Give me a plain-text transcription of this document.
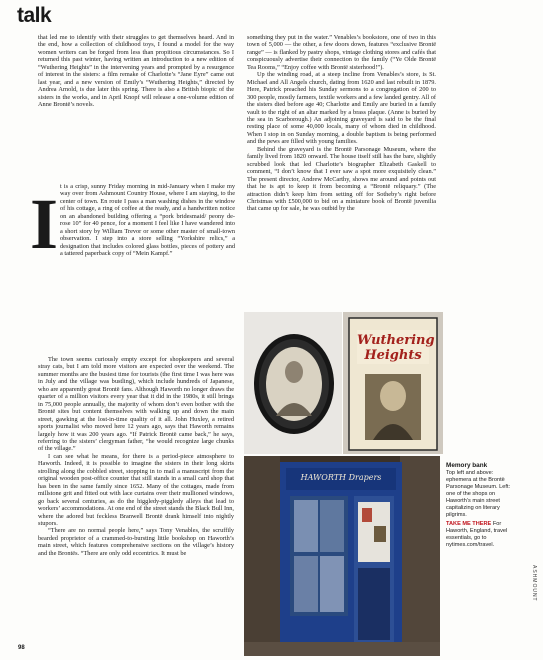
talk

that led me to identify with their struggles to get themselves heard. And in the end, how a collection of childhood toys, I found a model for the way women writers can be forged from less than propitious circumstances. So I returned this past winter, having written an introduction to a new edition of “Wuthering Heights” in the intervening years and prompted by a resurgence of interest in the sisters: a film remake of Charlotte’s “Jane Eyre” came out last year, and a new version of Emily’s “Wuthering Heights,” directed by Andrea Arnold, is due later this spring. There is also a British biopic of the sisters in the works, and in April Knopf will release a one-volume edition of Anne Brontë’s novels.

I t is a crisp, sunny Friday morning in mid-January when I make my way over from Ashmount Country House, where I am staying, to the center of town. En route I pass a man washing dishes in the window of his cottage, a ring of coffee at the ready, and a handwritten notice on an abandoned building offering a “pork bridesmaid/ peony de-rose 10” for 40 pence, for a moment I feel like I have wandered into a short story by William Trevor or some other master of small-town observation. I step into a store selling “Yorkshire relics,” a designation that includes colored glass bottles, pieces of pottery and a tattered paperback copy of “Mein Kampf.”

The town seems curiously empty except for shopkeepers and several stray cats, but I am told more visitors are expected over the weekend. The summer months are the busiest time for tourists (the first time I was here was in July and the village was bustling), which include hundreds of Japanese, who are apparently great Brontë fans. Although Haworth no longer draws the quarter of a million visitors every year that it did in the 1980s, it still brings in 75,000 people annually, the majority of whom don’t even bother with the Brontë sites but content themselves with walking up and down the main street, gawking at the lost-in-time quality of it all. John Huxley, a retired sports journalist who moved here 12 years ago, says that Haworth remains largely how it was 200 years ago. “If Patrick Brontë came back,” he says, referring to the sisters’ clergyman father, “he would recognize large chunks of the village.”

I can see what he means, for there is a period-piece atmosphere to Haworth. Indeed, it is possible to imagine the sisters in their long skirts strolling along the cobbled street, stopping in to mail a manuscript from the original wooden post-office counter that still stands in a small card shop that has been in the same family since 1652. Many of the cottages, made from millstone grit and fitted out with lace curtains over their mullioned windows, go back several centuries, as do the higgledy-piggledy alleys that lead to workers’ accommodations. At one end of the street stands the Black Bull Inn, where the adored but feckless Branwell Brontë drank himself into nightly stupors.

“There are no normal people here,” says Tony Venables, the scruffily bearded proprietor of a crammed-to-bursting little bookshop on Haworth’s main street, which features comprehensive sections on the village’s history and the Brontës. “There are only odd eccentrics. It must be

something they put in the water.” Venables’s bookstore, one of two in this town of 5,000 — the other, a few doors down, features “exclusive Brontë range” — is flanked by pastry shops, vintage clothing stores and cafés that conspicuously advertise their connection to the family (“Ye Olde Brontë Tea Rooms,” “Enjoy coffee with Brontë sisterhood!”).

Up the winding road, at a steep incline from Venables’s store, is St. Michael and All Angels church, dating from 1620 and last rebuilt in 1879. Here, Patrick preached his Sunday sermons to a congregation of 200 to 300 people, mostly farmers, textile workers and a few landed gentry. All of the sisters died before age 40; Charlotte and Emily are buried in a family vault to the right of an altar marked by a brass plaque. (Anne is buried by the sea in Scarborough.) An adjoining graveyard is said to be the final resting place of some 40,000 locals, many of whom died in childhood. When I stop in on Sunday morning, a double baptism is being performed and the pews are filled with young families.

Behind the graveyard is the Brontë Parsonage Museum, where the family lived from 1820 onward. The house itself still has the bare, slightly scrubbed look that led Charlotte’s biographer Elizabeth Gaskell to comment, “I don’t know that I ever saw a spot more exquisitely clean.” The present director, Andrew McCarthy, shows me around and points out that he is apt to keep it from becoming a “Brontë reliquary.” (The attraction didn’t keep him from setting off for Sotheby’s right before Christmas with £500,000 to bid on a miniature book of Brontë juvenilia that came up for sale, he was outbid by the

Wuthering
Heights
HAWORTH Drapers
Memory bank
Top left and above: ephemera at the Brontë Parsonage Museum. Left: one of the shops on Haworth’s main street capitalizing on literary pilgrims.
TAKE ME THERE For Haworth, England, travel essentials, go to nytimes.com/travel.
ASHMOUNT
98
